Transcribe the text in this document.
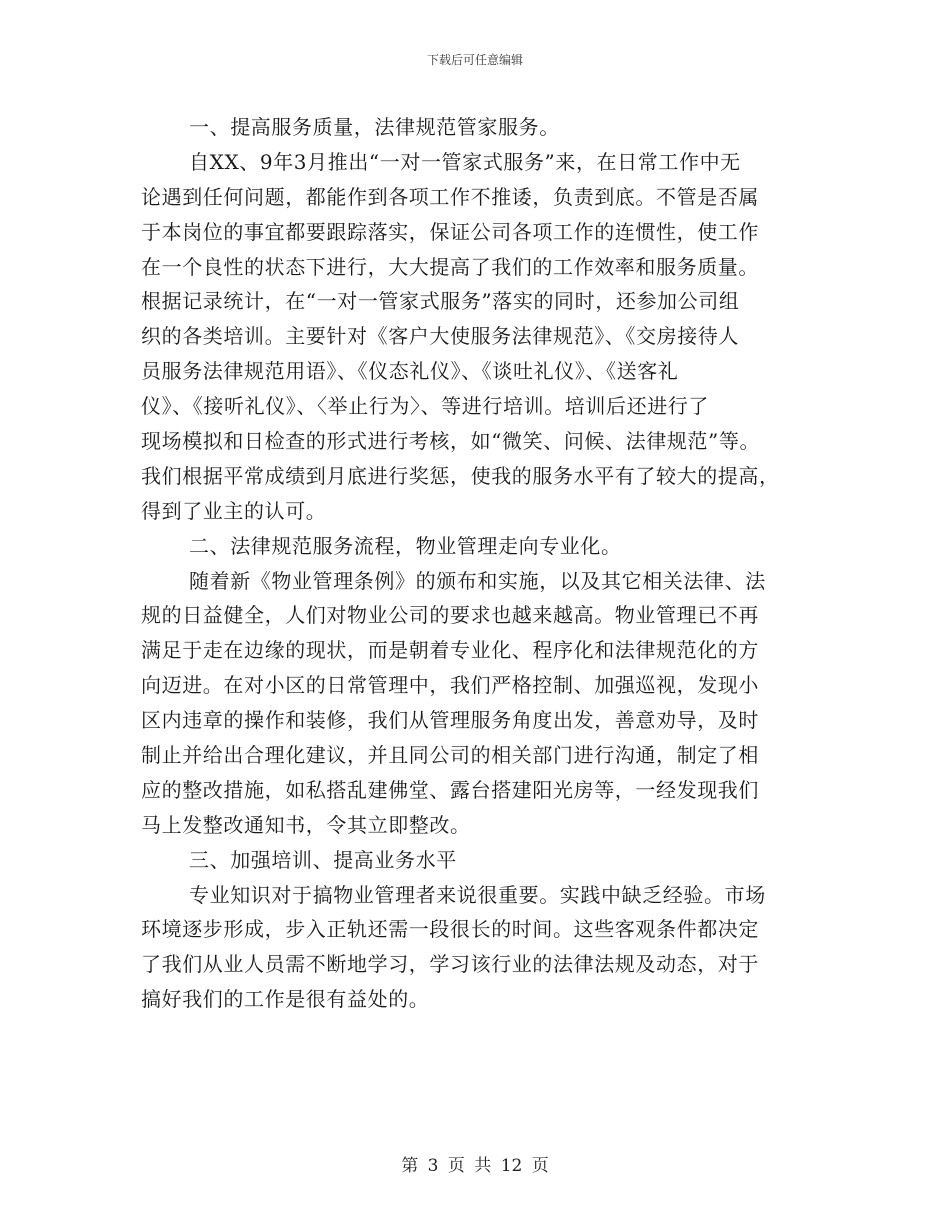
下载后可任意编辑
一、提高服务质量，法律规范管家服务。
自XX、9年3月推出“一对一管家式服务”来，在日常工作中无
论遇到任何问题，都能作到各项工作不推诿，负责到底。不管是否属
于本岗位的事宜都要跟踪落实，保证公司各项工作的连惯性，使工作
在一个良性的状态下进行，大大提高了我们的工作效率和服务质量。
根据记录统计，在“一对一管家式服务”落实的同时，还参加公司组
织的各类培训。主要针对《客户大使服务法律规范》、《交房接待人
员服务法律规范用语》、《仪态礼仪》、《谈吐礼仪》、《送客礼
仪》、《接听礼仪》、〈举止行为〉、等进行培训。培训后还进行了
现场模拟和日检查的形式进行考核，如“微笑、问候、法律规范”等。
我们根据平常成绩到月底进行奖惩，使我的服务水平有了较大的提高，
得到了业主的认可。
二、法律规范服务流程，物业管理走向专业化。
随着新《物业管理条例》的颁布和实施，以及其它相关法律、法
规的日益健全，人们对物业公司的要求也越来越高。物业管理已不再
满足于走在边缘的现状，而是朝着专业化、程序化和法律规范化的方
向迈进。在对小区的日常管理中，我们严格控制、加强巡视，发现小
区内违章的操作和装修，我们从管理服务角度出发，善意劝导，及时
制止并给出合理化建议，并且同公司的相关部门进行沟通，制定了相
应的整改措施，如私搭乱建佛堂、露台搭建阳光房等，一经发现我们
马上发整改通知书，令其立即整改。
三、加强培训、提高业务水平
专业知识对于搞物业管理者来说很重要。实践中缺乏经验。市场
环境逐步形成，步入正轨还需一段很长的时间。这些客观条件都决定
了我们从业人员需不断地学习，学习该行业的法律法规及动态，对于
搞好我们的工作是很有益处的。
第 3 页 共 12 页
